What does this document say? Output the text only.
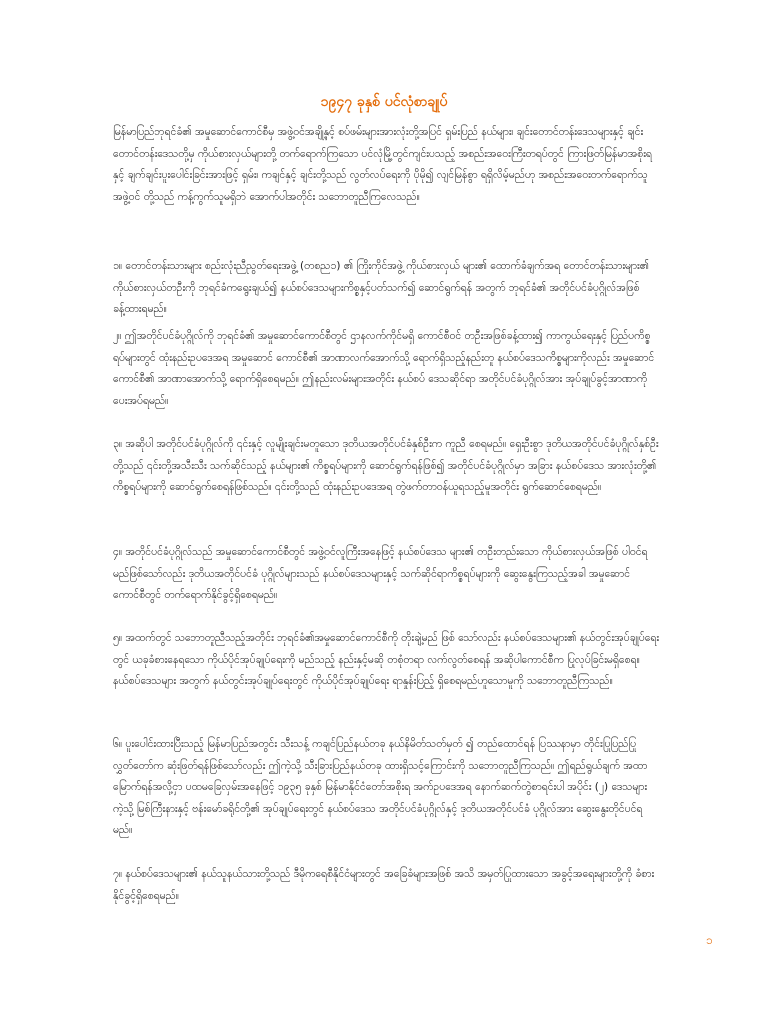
၁၉၄၇ ခုနှစ် ပင်လုံစာချုပ်

မြန်မာပြည်ဘုရင်ခံ၏ အမှုဆောင်ကောင်စီမှ အဖွဲ့ဝင်အချို့နှင့် စပ်ဖမ်းများအားလုံးတို့အပြင် ရှမ်းပြည် နယ်များ၊ ချင်းတောင်တန်းဒေသများနှင့် ချင်းတောင်တန်းဒေသတို့မှ ကိုယ်စားလှယ်များတို့ တက်ရောက်ကြသော ပင်လုံမြို့တွင်ကျင်းပသည့် အစည်းအဝေးကြီးတရပ်တွင် ကြားဖြတ်မြန်မာအစိုးရနှင့် ချက်ချင်းပူးပေါင်းခြင်းအားဖြင့် ရှမ်း၊ ကချင်နှင့် ချင်းတို့သည် လွတ်လပ်ရေးကို ပိုမို၍ လျင်မြန်စွာ ရရှိလိမ့်မည်ဟု အစည်းအဝေးတက်ရောက်သူ အဖွဲ့ဝင် တို့သည် ကန့်ကွက်သူမရှိဘဲ အောက်ပါအတိုင်း သဘောတူညီကြလေသည်။

၁။ တောင်တန်းသားများ စည်းလုံးညီညွတ်ရေးအဖွဲ့ (တစည၁) ၏ ကြိုးကိုင်အဖွဲ့ ကိုယ်စားလှယ် များ၏ ထောက်ခံချက်အရ တောင်တန်းသားများ၏ ကိုယ်စားလှယ်တဦးကို ဘုရင်ခံကရွေးချယ်၍ နယ်စပ်ဒေသများကိစ္စနှင့်ပတ်သက်၍ ဆောင်ရွက်ရန် အတွက် ဘုရင်ခံ၏ အတိုင်ပင်ခံပုဂ္ဂိုလ်အဖြစ် ခန့်ထားရမည်။

၂။ ဤအတိုင်ပင်ခံပုဂ္ဂိုလ်ကို ဘုရင်ခံ၏ အမှုဆောင်ကောင်စီတွင် ဌာနလက်ကိုင်မရှိ ကောင်စီဝင် တဦးအဖြစ်ခန့်ထား၍ ကာကွယ်ရေးနှင့် ပြည်ပကိစ္စရပ်များတွင် ထုံးနည်းဥပဒေအရ အမှုဆောင် ကောင်စီ၏ အာဏာလက်အောက်သို့ ရောက်ရှိသည့်နည်းတူ နယ်စပ်ဒေသကိစ္စများကိုလည်း အမှုဆောင်ကောင်စီ၏ အာဏာအောက်သို့ ရောက်ရှိစေရမည်။ ဤနည်းလမ်းများအတိုင်း နယ်စပ် ဒေသဆိုင်ရာ အတိုင်ပင်ခံပုဂ္ဂိုလ်အား အုပ်ချုပ်ခွင့်အာဏာကို ပေးအပ်ရမည်။

၃။ အဆိုပါ အတိုင်ပင်ခံပုဂ္ဂိုလ်ကို ၎င်းနှင့် လူမျိုးချင်းမတူသော ဒုတိယအတိုင်ပင်ခံနှစ်ဦးက ကူညီ စေရမည်။ ရှေးဦးစွာ ဒုတိယအတိုင်ပင်ခံပုဂ္ဂိုလ်နှစ်ဦးတို့သည် ၎င်းတို့အသီးသီး သက်ဆိုင်သည့် နယ်များ၏ ကိစ္စရပ်များကို ဆောင်ရွက်ရန်ဖြစ်၍ အတိုင်ပင်ခံပုဂ္ဂိုလ်မှာ အခြား နယ်စပ်ဒေသ အားလုံးတို့၏ ကိစ္စရပ်များကို ဆောင်ရွက်စေရန်ဖြစ်သည်။ ၎င်းတို့သည် ထုံးနည်းဥပဒေအရ တွဲဖက်တာဝန်ယူရသည့်မူအတိုင်း ရွက်ဆောင်စေရမည်။

၄။ အတိုင်ပင်ခံပုဂ္ဂိုလ်သည် အမှုဆောင်ကောင်စီတွင် အဖွဲ့ဝင်လူကြီးအနေဖြင့် နယ်စပ်ဒေသ များ၏ တဦးတည်းသော ကိုယ်စားလှယ်အဖြစ် ပါဝင်ရမည်ဖြစ်သော်လည်း ဒုတိယအတိုင်ပင်ခံ ပုဂ္ဂိုလ်များသည် နယ်စပ်ဒေသများနှင့် သက်ဆိုင်ရာကိစ္စရပ်များကို ဆွေးနွေးကြသည့်အခါ အမှုဆောင်ကောင်စီတွင် တက်ရောက်နိုင်ခွင့်ရှိစေရမည်။

၅။ အထက်တွင် သဘောတူညီသည့်အတိုင်း ဘုရင်ခံ၏အမှုဆောင်ကောင်စီကို တိုးချဲ့မည် ဖြစ် သော်လည်း နယ်စပ်ဒေသများ၏ နယ်တွင်းအုပ်ချုပ်ရေးတွင် ယခုခံစားနေရသော ကိုယ်ပိုင်အုပ်ချုပ်ရေးကို မည်သည့် နည်းနှင့်မဆို တစုံတရာ လက်လွတ်စေရန် အဆိုပါကောင်စီက ပြုလုပ်ခြင်းမရှိစေရ။ နယ်စပ်ဒေသများ အတွက် နယ်တွင်းအုပ်ချုပ်ရေးတွင် ကိုယ်ပိုင်အုပ်ချုပ်ရေး ရာနှုန်းပြည့် ရှိစေရမည်ဟူသောမူကို သဘောတူညီကြသည်။

၆။ ပူးပေါင်းထားပြီးသည့် မြန်မာပြည်အတွင်း သီးသန့် ကချင်ပြည်နယ်တခု နယ်နိမိတ်သတ်မှတ် ၍ တည်ထောင်ရန် ပြဿနာမှာ တိုင်းပြုပြည်ပြုလွှတ်တော်က ဆုံးဖြတ်ရန်ဖြစ်သော်လည်း ဤကဲ့သို့ သီးခြားပြည်နယ်တခု ထားရှိသင့်ကြောင်းကို သဘောတူညီကြသည်။ ဤရည်ရွယ်ချက် အထာ မြောက်ရန်အလို့ငှာ ပထမခြေလှမ်းအနေဖြင့် ၁၉၃၅ ခုနှစ် မြန်မာနိုင်ငံတော်အစိုးရ အက်ဥပဒေအရ နောက်ဆက်တွဲစာရင်းပါ အပိုင်း (၂) ဒေသများကဲ့သို့ မြစ်ကြီးနားနှင့် ဗန်းမော်ခရိုင်တို့၏ အုပ်ချုပ်ရေးတွင် နယ်စပ်ဒေသ အတိုင်ပင်ခံပုဂ္ဂိုလ်နှင့် ဒုတိယအတိုင်ပင်ခံ ပုဂ္ဂိုလ်အား ဆွေးနွေးတိုင်ပင်ရမည်။

၇။ နယ်စပ်ဒေသများ၏ နယ်သူနယ်သားတို့သည် ဒီမိုကရေစီနိုင်ငံများတွင် အခြေခံများအဖြစ် အသိ အမှတ်ပြုထားသော အခွင့်အရေးများတို့ကို ခံစားနိုင်ခွင့်ရှိစေရမည်။

၁
